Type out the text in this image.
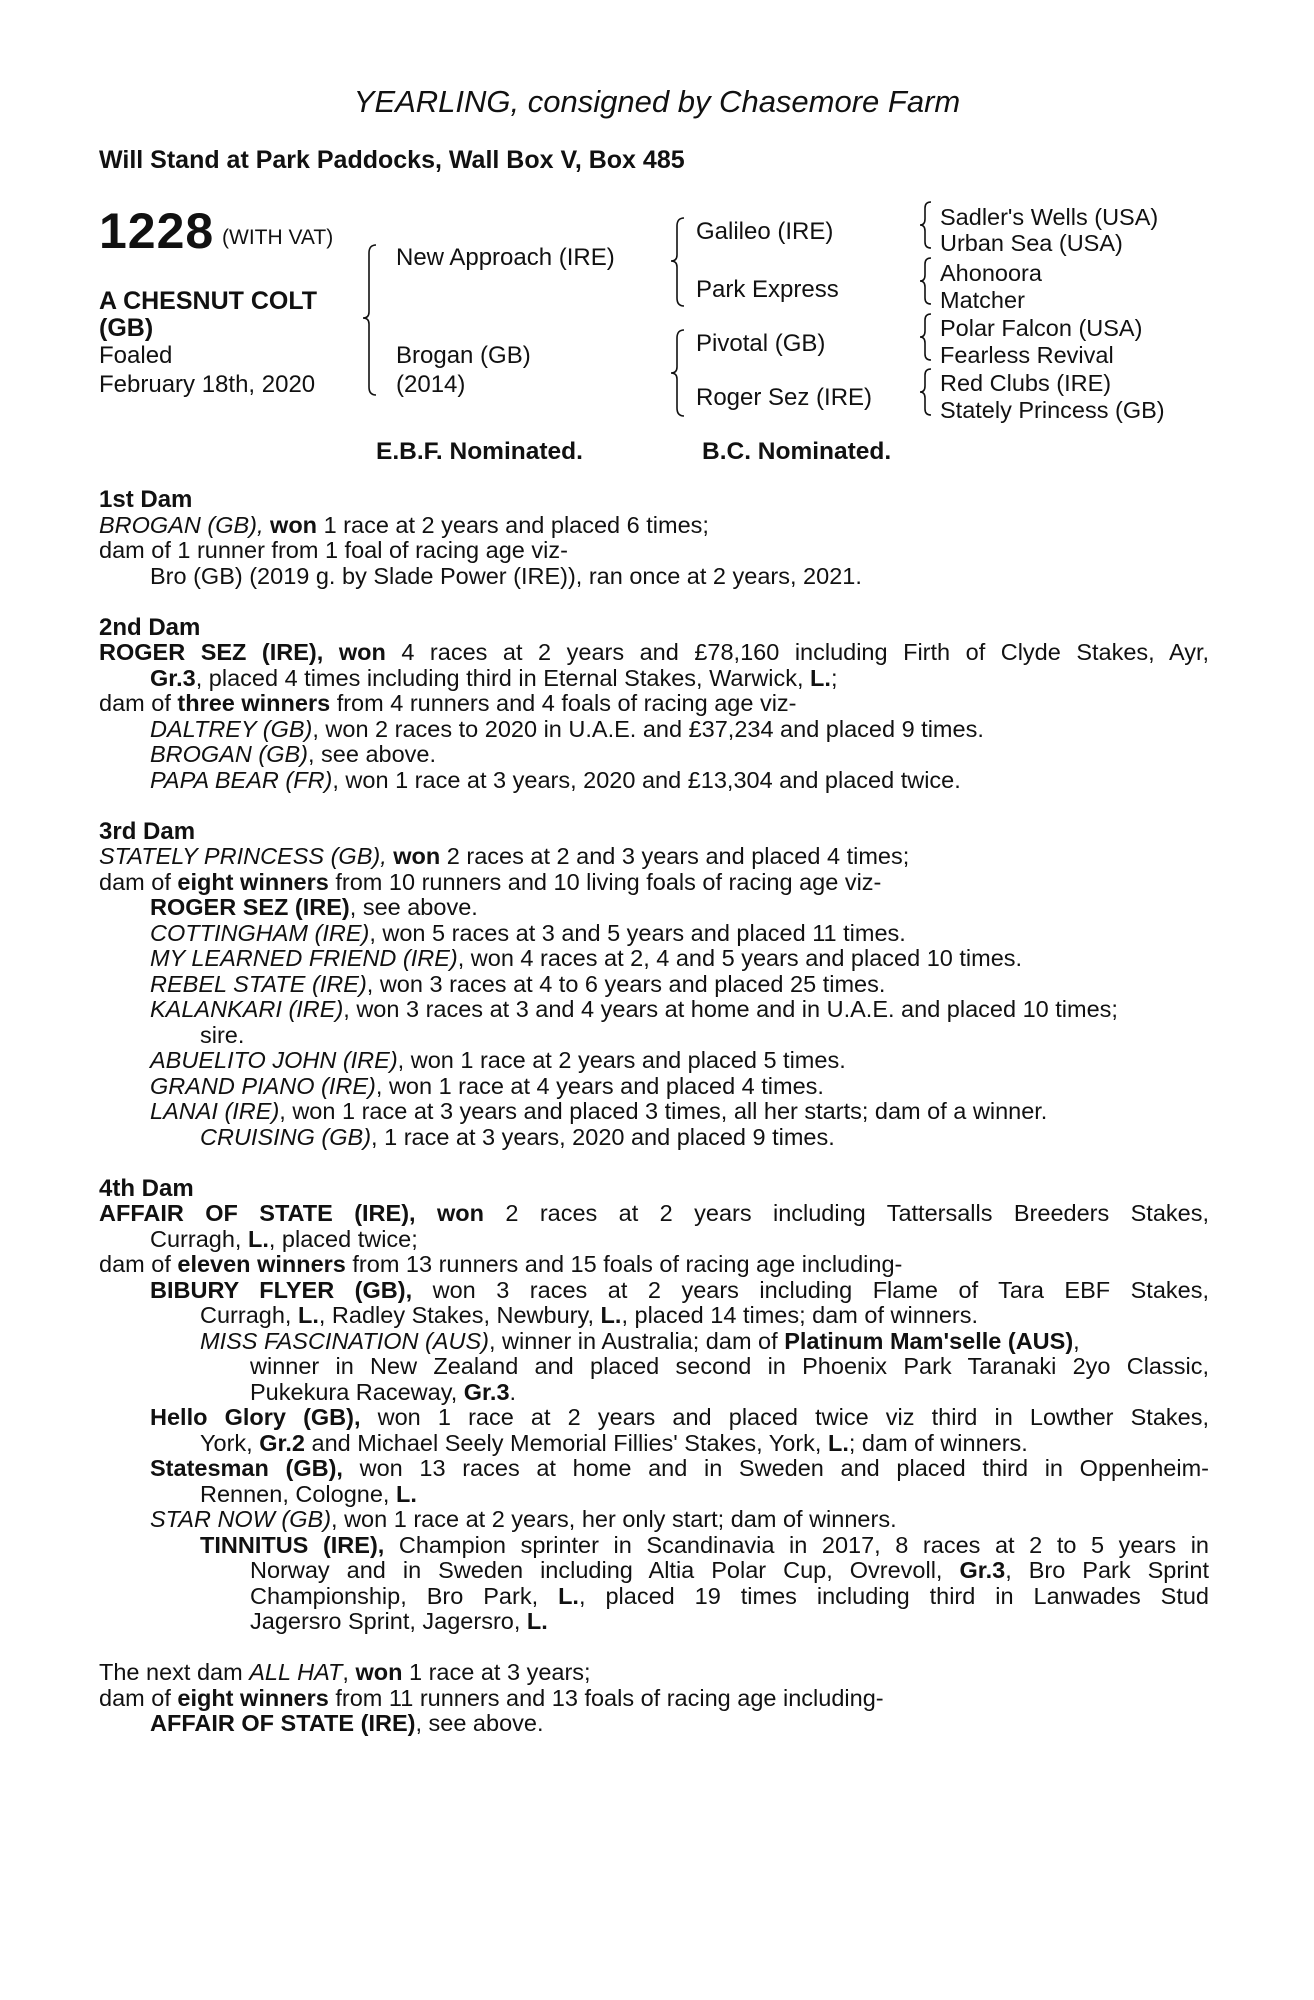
YEARLING, consigned by Chasemore Farm
Will Stand at Park Paddocks, Wall Box V, Box 485
1228 (WITH VAT)
A CHESNUT COLT
(GB)
Foaled
February 18th, 2020
New Approach (IRE)
Brogan (GB)
(2014)
Galileo (IRE)
Park Express
Pivotal (GB)
Roger Sez (IRE)
Sadler's Wells (USA)
Urban Sea (USA)
Ahonoora
Matcher
Polar Falcon (USA)
Fearless Revival
Red Clubs (IRE)
Stately Princess (GB)
E.B.F. Nominated.	B.C. Nominated.
1st Dam
BROGAN (GB), won 1 race at 2 years and placed 6 times;
dam of 1 runner from 1 foal of racing age viz-
Bro (GB) (2019 g. by Slade Power (IRE)), ran once at 2 years, 2021.
2nd Dam
ROGER SEZ (IRE), won 4 races at 2 years and £78,160 including Firth of Clyde Stakes, Ayr,
Gr.3, placed 4 times including third in Eternal Stakes, Warwick, L.;
dam of three winners from 4 runners and 4 foals of racing age viz-
DALTREY (GB), won 2 races to 2020 in U.A.E. and £37,234 and placed 9 times.
BROGAN (GB), see above.
PAPA BEAR (FR), won 1 race at 3 years, 2020 and £13,304 and placed twice.
3rd Dam
STATELY PRINCESS (GB), won 2 races at 2 and 3 years and placed 4 times;
dam of eight winners from 10 runners and 10 living foals of racing age viz-
ROGER SEZ (IRE), see above.
COTTINGHAM (IRE), won 5 races at 3 and 5 years and placed 11 times.
MY LEARNED FRIEND (IRE), won 4 races at 2, 4 and 5 years and placed 10 times.
REBEL STATE (IRE), won 3 races at 4 to 6 years and placed 25 times.
KALANKARI (IRE), won 3 races at 3 and 4 years at home and in U.A.E. and placed 10 times;
sire.
ABUELITO JOHN (IRE), won 1 race at 2 years and placed 5 times.
GRAND PIANO (IRE), won 1 race at 4 years and placed 4 times.
LANAI (IRE), won 1 race at 3 years and placed 3 times, all her starts; dam of a winner.
CRUISING (GB), 1 race at 3 years, 2020 and placed 9 times.
4th Dam
AFFAIR OF STATE (IRE), won 2 races at 2 years including Tattersalls Breeders Stakes,
Curragh, L., placed twice;
dam of eleven winners from 13 runners and 15 foals of racing age including-
BIBURY FLYER (GB), won 3 races at 2 years including Flame of Tara EBF Stakes,
Curragh, L., Radley Stakes, Newbury, L., placed 14 times; dam of winners.
MISS FASCINATION (AUS), winner in Australia; dam of Platinum Mam'selle (AUS),
winner in New Zealand and placed second in Phoenix Park Taranaki 2yo Classic,
Pukekura Raceway, Gr.3.
Hello Glory (GB), won 1 race at 2 years and placed twice viz third in Lowther Stakes,
York, Gr.2 and Michael Seely Memorial Fillies' Stakes, York, L.; dam of winners.
Statesman (GB), won 13 races at home and in Sweden and placed third in Oppenheim-
Rennen, Cologne, L.
STAR NOW (GB), won 1 race at 2 years, her only start; dam of winners.
TINNITUS (IRE), Champion sprinter in Scandinavia in 2017, 8 races at 2 to 5 years in
Norway and in Sweden including Altia Polar Cup, Ovrevoll, Gr.3, Bro Park Sprint
Championship, Bro Park, L., placed 19 times including third in Lanwades Stud
Jagersro Sprint, Jagersro, L.
The next dam ALL HAT, won 1 race at 3 years;
dam of eight winners from 11 runners and 13 foals of racing age including-
AFFAIR OF STATE (IRE), see above.
